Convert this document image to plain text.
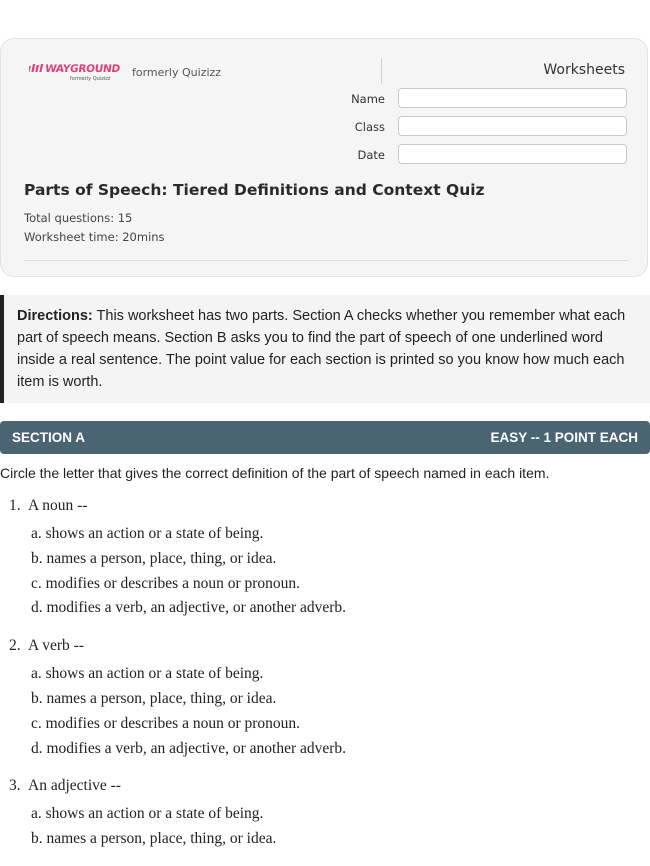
WAYGROUND
formerly Quizizz formerly Quizizz	Worksheets
Name
Class
Date
Parts of Speech: Tiered Definitions and Context Quiz
Total questions: 15
Worksheet time: 20mins
Directions: This worksheet has two parts. Section A checks whether you remember what each part of speech means. Section B asks you to find the part of speech of one underlined word inside a real sentence. The point value for each section is printed so you know how much each item is worth.
SECTION A	EASY -- 1 POINT EACH
Circle the letter that gives the correct definition of the part of speech named in each item.
1. A noun --
a. shows an action or a state of being.
b. names a person, place, thing, or idea.
c. modifies or describes a noun or pronoun.
d. modifies a verb, an adjective, or another adverb.
2. A verb --
a. shows an action or a state of being.
b. names a person, place, thing, or idea.
c. modifies or describes a noun or pronoun.
d. modifies a verb, an adjective, or another adverb.
3. An adjective --
a. shows an action or a state of being.
b. names a person, place, thing, or idea.
